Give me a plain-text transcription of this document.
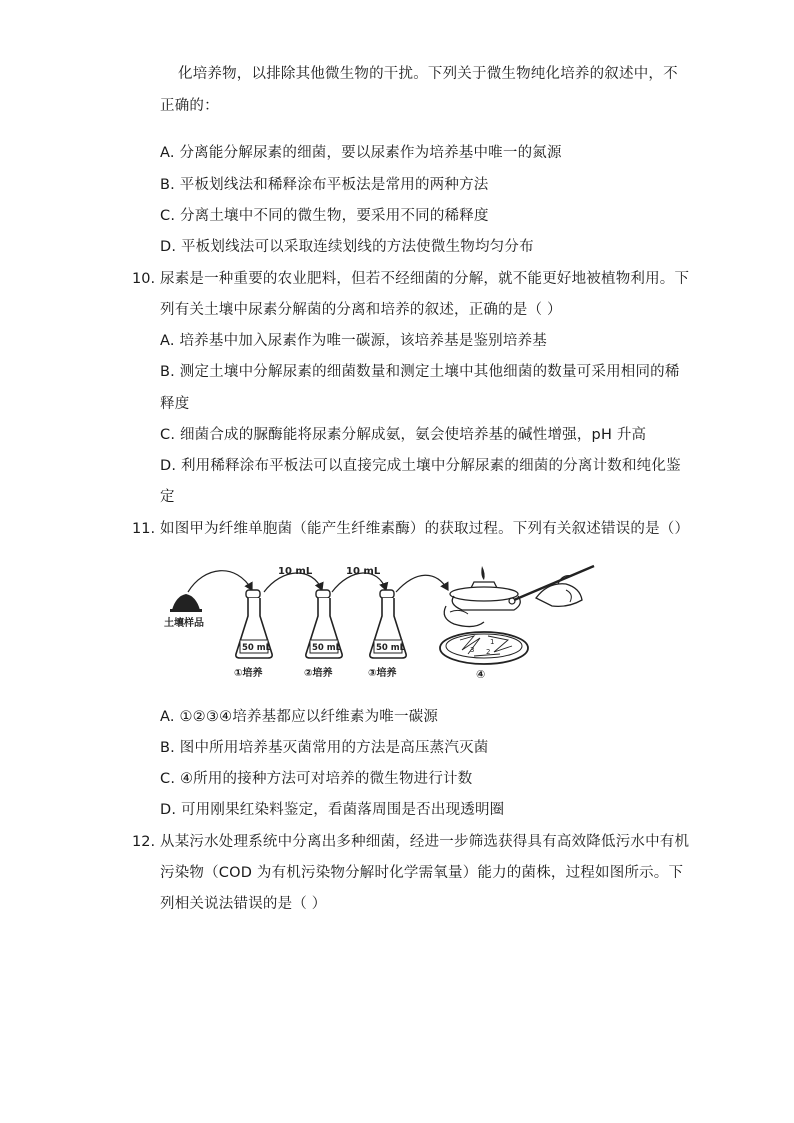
化培养物，以排除其他微生物的干扰。下列关于微生物纯化培养的叙述中，不
正确的：
A. 分离能分解尿素的细菌，要以尿素作为培养基中唯一的氮源
B. 平板划线法和稀释涂布平板法是常用的两种方法
C. 分离土壤中不同的微生物，要采用不同的稀释度
D. 平板划线法可以采取连续划线的方法使微生物均匀分布
10. 尿素是一种重要的农业肥料，但若不经细菌的分解，就不能更好地被植物利用。下
列有关土壤中尿素分解菌的分离和培养的叙述，正确的是（ ）
A. 培养基中加入尿素作为唯一碳源，该培养基是鉴别培养基
B. 测定土壤中分解尿素的细菌数量和测定土壤中其他细菌的数量可采用相同的稀
释度
C. 细菌合成的脲酶能将尿素分解成氨，氨会使培养基的碱性增强，pH 升高
D. 利用稀释涂布平板法可以直接完成土壤中分解尿素的细菌的分离计数和纯化鉴
定
11. 如图甲为纤维单胞菌（能产生纤维素酶）的获取过程。下列有关叙述错误的是（）
土壤样品
10 mL	10 mL
50 mL	50 mL	50 mL
①培养	②培养	③培养
1
2
3
④
A. ①②③④培养基都应以纤维素为唯一碳源
B. 图中所用培养基灭菌常用的方法是高压蒸汽灭菌
C. ④所用的接种方法可对培养的微生物进行计数
D. 可用刚果红染料鉴定，看菌落周围是否出现透明圈
12. 从某污水处理系统中分离出多种细菌，经进一步筛选获得具有高效降低污水中有机
污染物（COD 为有机污染物分解时化学需氧量）能力的菌株，过程如图所示。下
列相关说法错误的是（ ）
